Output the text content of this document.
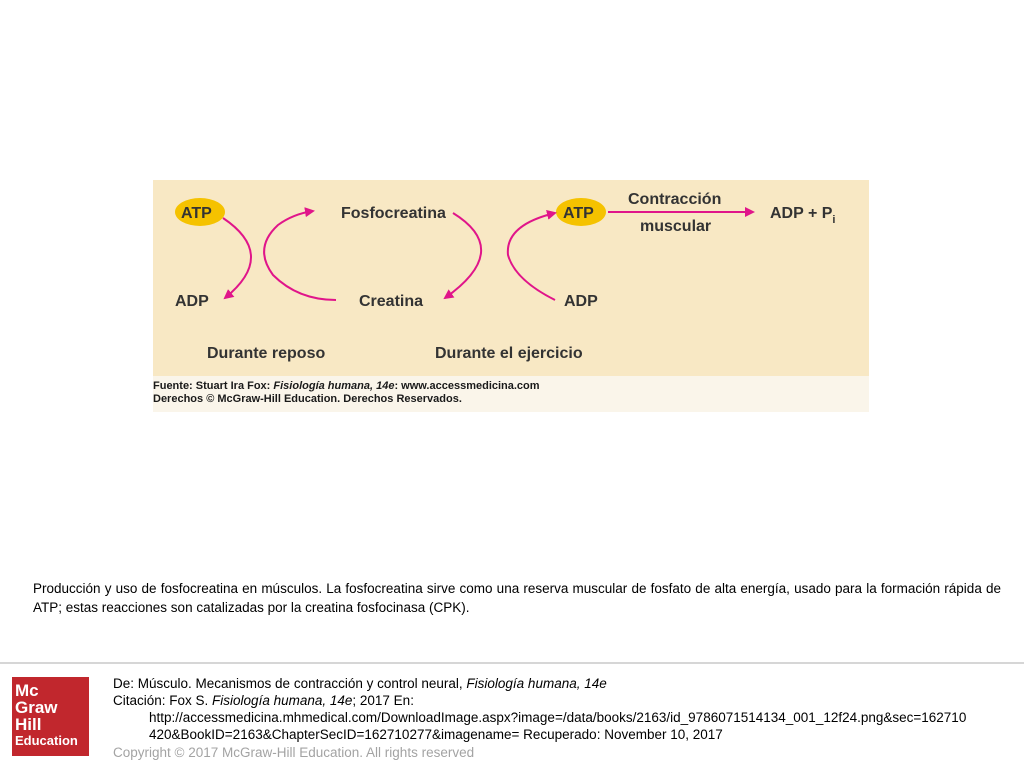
ATP	Fosfocreatina	ATP
Contracción
muscular
ADP + $P_i$
ADP	Creatina	ADP
Durante reposo	Durante el ejercicio
Fuente: Stuart Ira Fox: Fisiología humana, 14e: www.accessmedicina.com
Derechos © McGraw-Hill Education. Derechos Reservados.
Producción y uso de fosfocreatina en músculos. La fosfocreatina sirve como una reserva muscular de fosfato de alta energía, usado para la formación rápida de ATP; estas reacciones son catalizadas por la creatina fosfocinasa (CPK).
Mc
Graw
Hill
Education
De: Músculo. Mecanismos de contracción y control neural, Fisiología humana, 14e
Citación: Fox S. Fisiología humana, 14e; 2017 En:
http://accessmedicina.mhmedical.com/DownloadImage.aspx?image=/data/books/2163/id_9786071514134_001_12f24.png&sec=162710
420&BookID=2163&ChapterSecID=162710277&imagename= Recuperado: November 10, 2017
Copyright © 2017 McGraw-Hill Education. All rights reserved
